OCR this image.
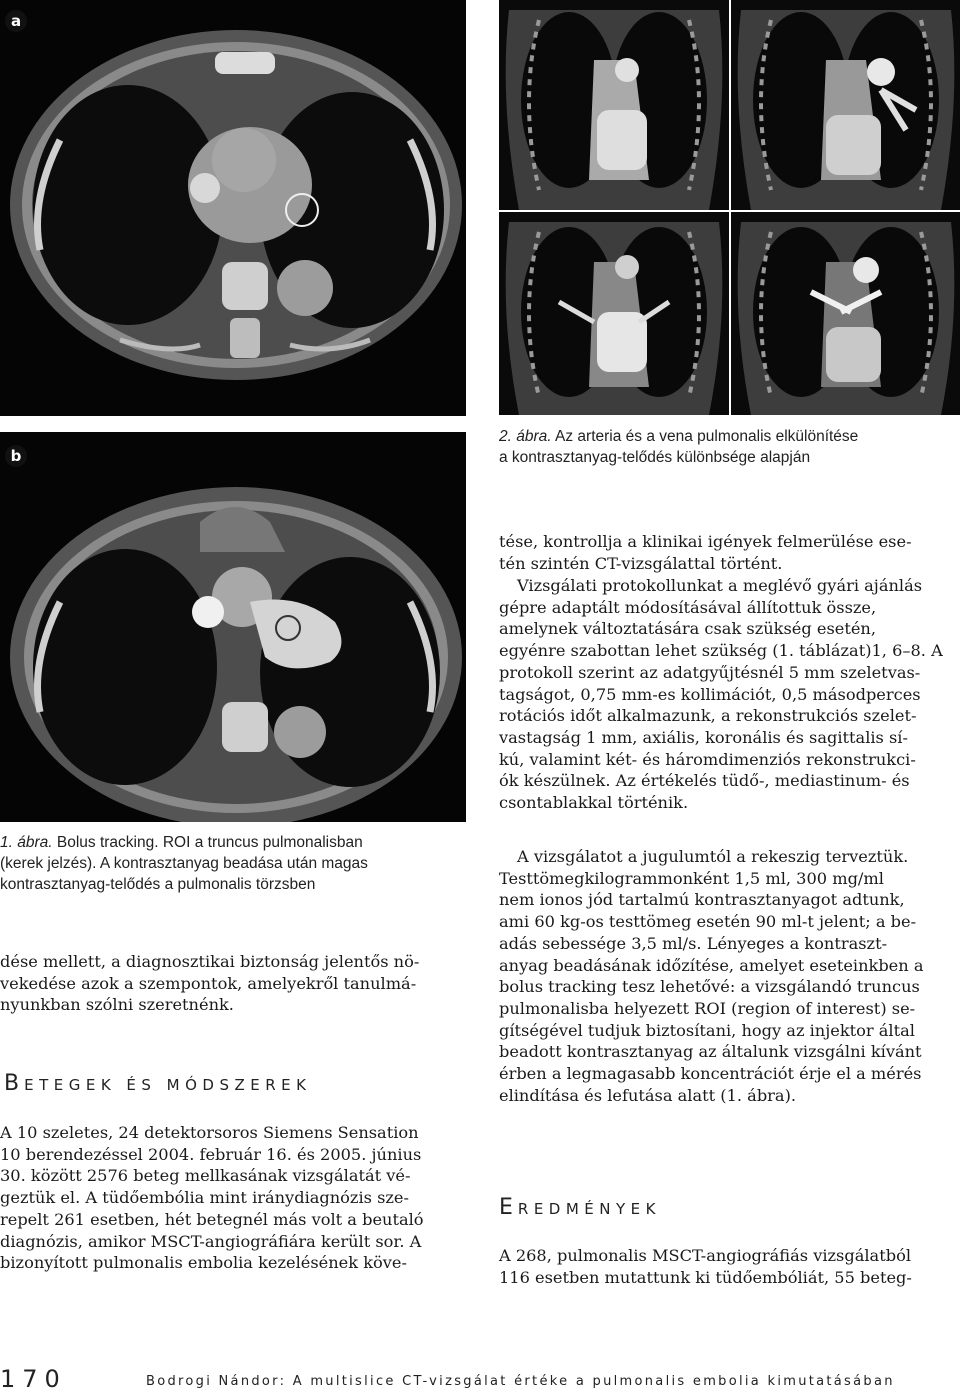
a
b
2. ábra. Az arteria és a vena pulmonalis elkülönítése
a kontrasztanyag-telődés különbsége alapján
1. ábra. Bolus tracking. ROI a truncus pulmonalisban
(kerek jelzés). A kontrasztanyag beadása után magas
kontrasztanyag-telődés a pulmonalis törzsben
dése mellett, a diagnosztikai biztonság jelentős nö-
vekedése azok a szempontok, amelyekről tanulmá-
nyunkban szólni szeretnénk.
BETEGEK ÉS MÓDSZEREK
A 10 szeletes, 24 detektorsoros Siemens Sensation
10 berendezéssel 2004. február 16. és 2005. június
30. között 2576 beteg mellkasának vizsgálatát vé-
geztük el. A tüdőembólia mint iránydiagnózis sze-
repelt 261 esetben, hét betegnél más volt a beutaló
diagnózis, amikor MSCT-angiográfiára került sor. A
bizonyított pulmonalis embolia kezelésének köve-
tése, kontrollja a klinikai igények felmerülése ese-
tén szintén CT-vizsgálattal történt.
Vizsgálati protokollunkat a meglévő gyári ajánlás
gépre adaptált módosításával állítottuk össze,
amelynek változtatására csak szükség esetén,
egyénre szabottan lehet szükség (1. táblázat)1, 6–8. A
protokoll szerint az adatgyűjtésnél 5 mm szeletvas-
tagságot, 0,75 mm-es kollimációt, 0,5 másodperces
rotációs időt alkalmazunk, a rekonstrukciós szelet-
vastagság 1 mm, axiális, koronális és sagittalis sí-
kú, valamint két- és háromdimenziós rekonstrukci-
ók készülnek. Az értékelés tüdő-, mediastinum- és
csontablakkal történik.
A vizsgálatot a jugulumtól a rekeszig terveztük.
Testtömegkilogrammonként 1,5 ml, 300 mg/ml
nem ionos jód tartalmú kontrasztanyagot adtunk,
ami 60 kg-os testtömeg esetén 90 ml-t jelent; a be-
adás sebessége 3,5 ml/s. Lényeges a kontraszt-
anyag beadásának időzítése, amelyet eseteinkben a
bolus tracking tesz lehetővé: a vizsgálandó truncus
pulmonalisba helyezett ROI (region of interest) se-
gítségével tudjuk biztosítani, hogy az injektor által
beadott kontrasztanyag az általunk vizsgálni kívánt
érben a legmagasabb koncentrációt érje el a mérés
elindítása és lefutása alatt (1. ábra).
EREDMÉNYEK
A 268, pulmonalis MSCT-angiográfiás vizsgálatból
116 esetben mutattunk ki tüdőembóliát, 55 beteg-
170	Bodrogi Nándor: A multislice CT-vizsgálat értéke a pulmonalis embolia kimutatásában
